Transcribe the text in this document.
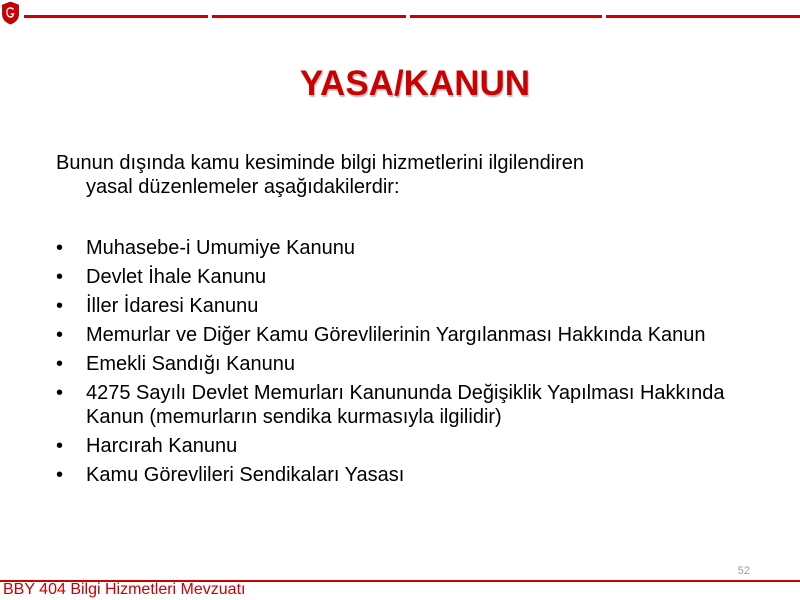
YASA/KANUN
Bunun dışında kamu kesiminde bilgi hizmetlerini ilgilendiren
yasal düzenlemeler aşağıdakilerdir:
• Muhasebe-i Umumiye Kanunu
• Devlet İhale Kanunu
• İller İdaresi Kanunu
• Memurlar ve Diğer Kamu Görevlilerinin Yargılanması Hakkında Kanun
• Emekli Sandığı Kanunu
• 4275 Sayılı Devlet Memurları Kanununda Değişiklik Yapılması Hakkında Kanun (memurların sendika kurmasıyla ilgilidir)
• Harcırah Kanunu
• Kamu Görevlileri Sendikaları Yasası
52
BBY 404 Bilgi Hizmetleri Mevzuatı
